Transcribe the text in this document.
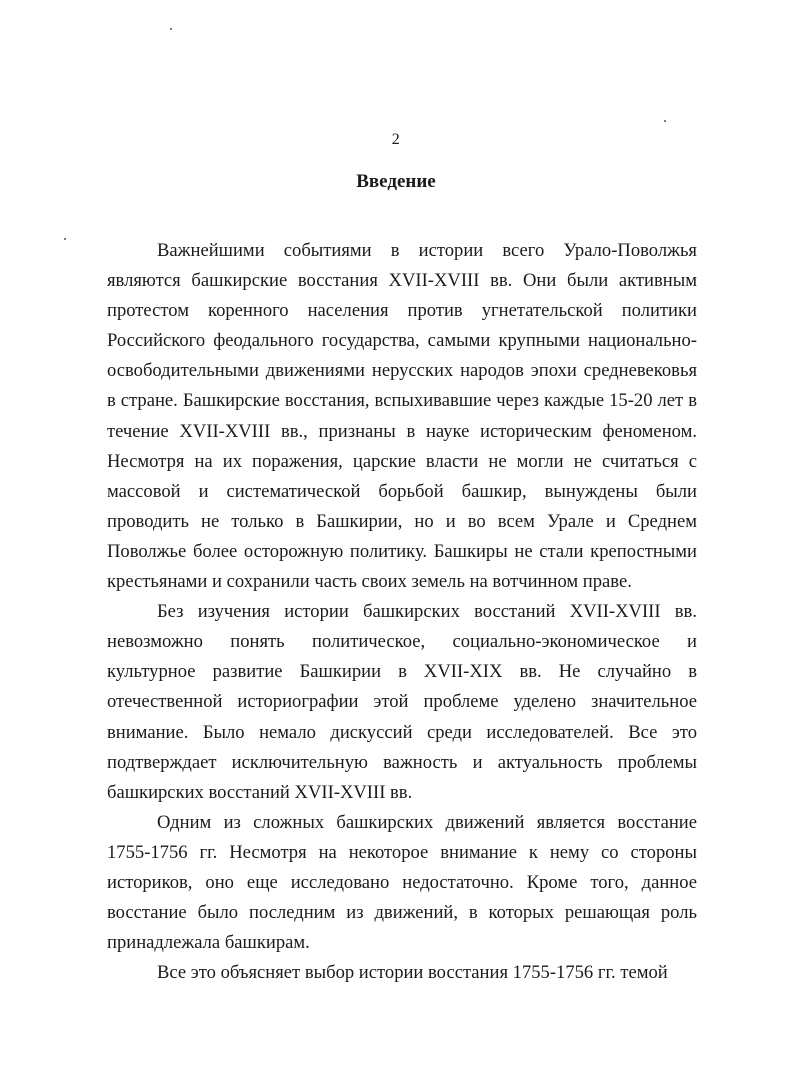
2
Введение

Важнейшими событиями в истории всего Урало-Поволжья являются башкирские восстания XVII-XVIII вв. Они были активным протестом коренного населения против угнетательской политики Российского феодального государства, самыми крупными национально-освободительными движениями нерусских народов эпохи средневековья в стране. Башкирские восстания, вспыхивавшие через каждые 15-20 лет в течение XVII-XVIII вв., признаны в науке историческим феноменом. Несмотря на их поражения, царские власти не могли не считаться с массовой и систематической борьбой башкир, вынуждены были проводить не только в Башкирии, но и во всем Урале и Среднем Поволжье более осторожную политику. Башкиры не стали крепостными крестьянами и сохранили часть своих земель на вотчинном праве.

Без изучения истории башкирских восстаний XVII-XVIII вв. невозможно понять политическое, социально-экономическое и культурное развитие Башкирии в XVII-XIX вв. Не случайно в отечественной историографии этой проблеме уделено значительное внимание. Было немало дискуссий среди исследователей. Все это подтверждает исключительную важность и актуальность проблемы башкирских восстаний XVII-XVIII вв.

Одним из сложных башкирских движений является восстание 1755-1756 гг. Несмотря на некоторое внимание к нему со стороны историков, оно еще исследовано недостаточно. Кроме того, данное восстание было последним из движений, в которых решающая роль принадлежала башкирам.

Все это объясняет выбор истории восстания 1755-1756 гг. темой
